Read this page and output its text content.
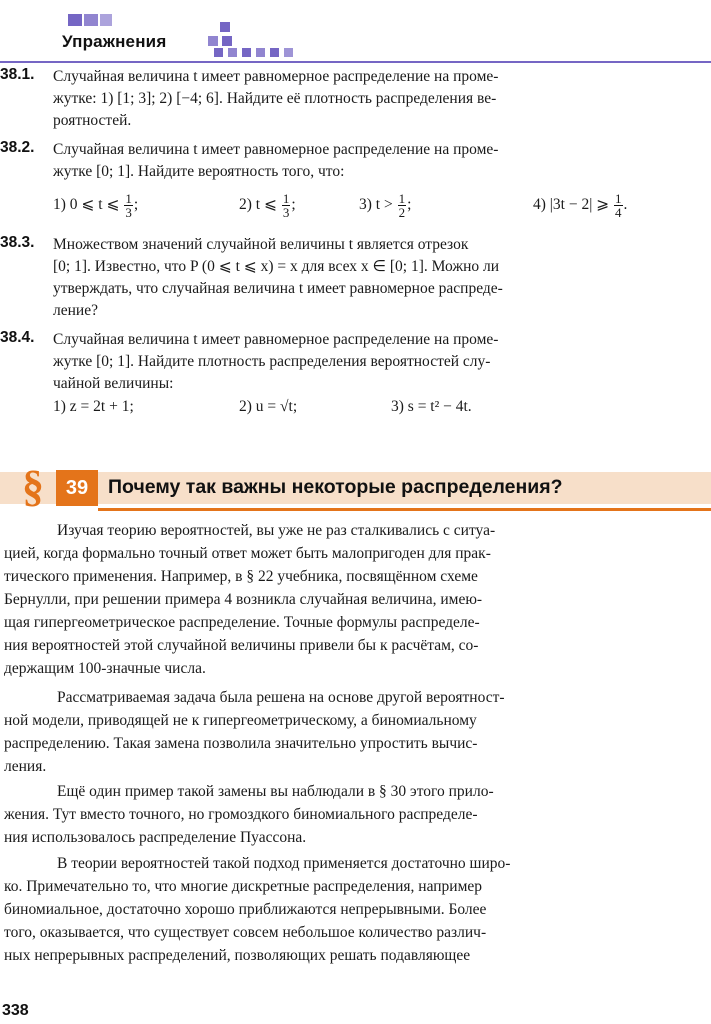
Упражнения
38.1. Случайная величина t имеет равномерное распределение на проме-
жутке: 1) [1; 3]; 2) [−4; 6]. Найдите её плотность распределения ве-
роятностей.
38.2. Случайная величина t имеет равномерное распределение на проме-
жутке [0; 1]. Найдите вероятность того, что:
1) 0 ⩽ t ⩽ $\frac{1}{3}$ ;	2) t ⩽ $\frac{1}{3}$ ;	3) $t > \frac{1}{2}$ ;	4) |3t − 2| ⩾ $\frac{1}{4}$ .
38.3. Множеством значений случайной величины t является отрезок
[0; 1]. Известно, что P (0 ⩽ t ⩽ x) = x для всех x ∈ [0; 1]. Можно ли
утверждать, что случайная величина t имеет равномерное распреде-
ление?
38.4. Случайная величина t имеет равномерное распределение на проме-
жутке [0; 1]. Найдите плотность распределения вероятностей слу-
чайной величины:
1) z = 2t + 1;	2) u = √t;	3) s = t² − 4t.
§	39	Почему так важны некоторые распределения?
Изучая теорию вероятностей, вы уже не раз сталкивались с ситуа-
цией, когда формально точный ответ может быть малопригоден для прак-
тического применения. Например, в § 22 учебника, посвящённом схеме
Бернулли, при решении примера 4 возникла случайная величина, имею-
щая гипергеометрическое распределение. Точные формулы распределе-
ния вероятностей этой случайной величины привели бы к расчётам, со-
держащим 100-значные числа.
Рассматриваемая задача была решена на основе другой вероятност-
ной модели, приводящей не к гипергеометрическому, а биномиальному
распределению. Такая замена позволила значительно упростить вычис-
ления.
Ещё один пример такой замены вы наблюдали в § 30 этого прило-
жения. Тут вместо точного, но громоздкого биномиального распределе-
ния использовалось распределение Пуассона.
В теории вероятностей такой подход применяется достаточно широ-
ко. Примечательно то, что многие дискретные распределения, например
биномиальное, достаточно хорошо приближаются непрерывными. Более
того, оказывается, что существует совсем небольшое количество различ-
ных непрерывных распределений, позволяющих решать подавляющее
338
